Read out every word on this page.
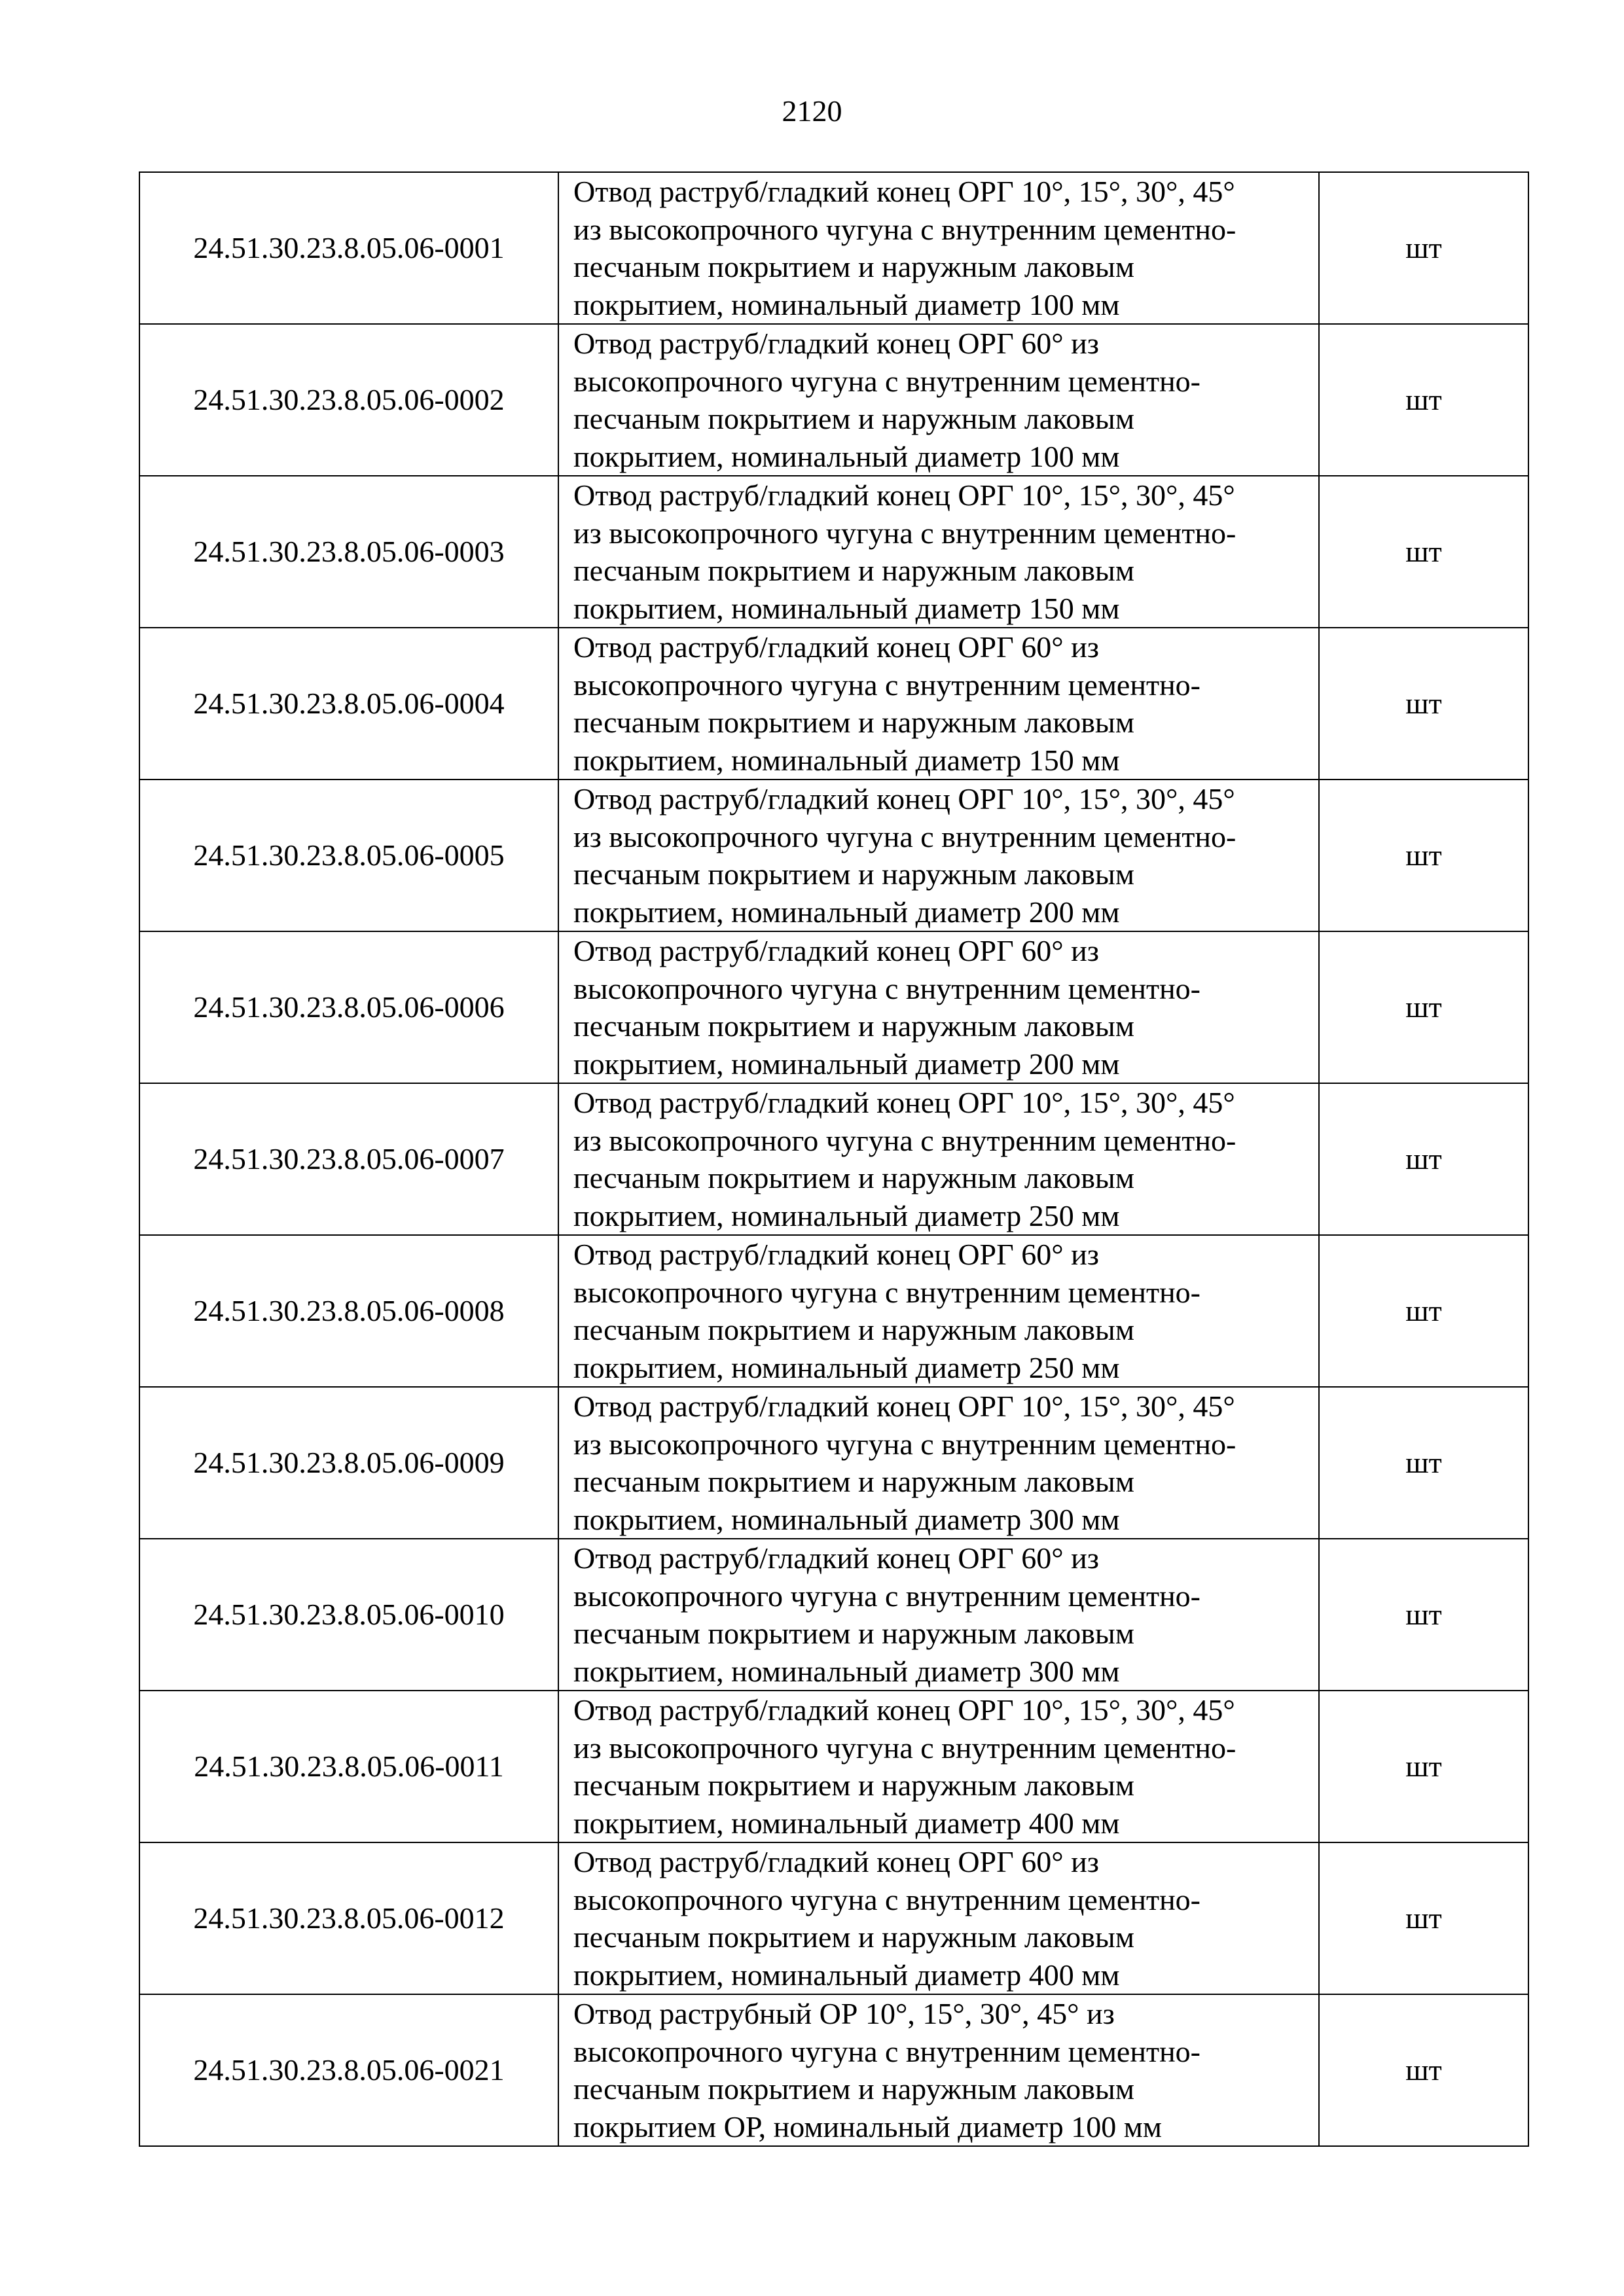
2120
24.51.30.23.8.05.06-0001	Отвод раструб/гладкий конец ОРГ 10°, 15°, 30°, 45°
из высокопрочного чугуна с внутренним цементно-
песчаным покрытием и наружным лаковым
покрытием, номинальный диаметр 100 мм	шт
24.51.30.23.8.05.06-0002	Отвод раструб/гладкий конец ОРГ 60° из
высокопрочного чугуна с внутренним цементно-
песчаным покрытием и наружным лаковым
покрытием, номинальный диаметр 100 мм	шт
24.51.30.23.8.05.06-0003	Отвод раструб/гладкий конец ОРГ 10°, 15°, 30°, 45°
из высокопрочного чугуна с внутренним цементно-
песчаным покрытием и наружным лаковым
покрытием, номинальный диаметр 150 мм	шт
24.51.30.23.8.05.06-0004	Отвод раструб/гладкий конец ОРГ 60° из
высокопрочного чугуна с внутренним цементно-
песчаным покрытием и наружным лаковым
покрытием, номинальный диаметр 150 мм	шт
24.51.30.23.8.05.06-0005	Отвод раструб/гладкий конец ОРГ 10°, 15°, 30°, 45°
из высокопрочного чугуна с внутренним цементно-
песчаным покрытием и наружным лаковым
покрытием, номинальный диаметр 200 мм	шт
24.51.30.23.8.05.06-0006	Отвод раструб/гладкий конец ОРГ 60° из
высокопрочного чугуна с внутренним цементно-
песчаным покрытием и наружным лаковым
покрытием, номинальный диаметр 200 мм	шт
24.51.30.23.8.05.06-0007	Отвод раструб/гладкий конец ОРГ 10°, 15°, 30°, 45°
из высокопрочного чугуна с внутренним цементно-
песчаным покрытием и наружным лаковым
покрытием, номинальный диаметр 250 мм	шт
24.51.30.23.8.05.06-0008	Отвод раструб/гладкий конец ОРГ 60° из
высокопрочного чугуна с внутренним цементно-
песчаным покрытием и наружным лаковым
покрытием, номинальный диаметр 250 мм	шт
24.51.30.23.8.05.06-0009	Отвод раструб/гладкий конец ОРГ 10°, 15°, 30°, 45°
из высокопрочного чугуна с внутренним цементно-
песчаным покрытием и наружным лаковым
покрытием, номинальный диаметр 300 мм	шт
24.51.30.23.8.05.06-0010	Отвод раструб/гладкий конец ОРГ 60° из
высокопрочного чугуна с внутренним цементно-
песчаным покрытием и наружным лаковым
покрытием, номинальный диаметр 300 мм	шт
24.51.30.23.8.05.06-0011	Отвод раструб/гладкий конец ОРГ 10°, 15°, 30°, 45°
из высокопрочного чугуна с внутренним цементно-
песчаным покрытием и наружным лаковым
покрытием, номинальный диаметр 400 мм	шт
24.51.30.23.8.05.06-0012	Отвод раструб/гладкий конец ОРГ 60° из
высокопрочного чугуна с внутренним цементно-
песчаным покрытием и наружным лаковым
покрытием, номинальный диаметр 400 мм	шт
24.51.30.23.8.05.06-0021	Отвод раструбный ОР 10°, 15°, 30°, 45° из
высокопрочного чугуна с внутренним цементно-
песчаным покрытием и наружным лаковым
покрытием ОР, номинальный диаметр 100 мм	шт
